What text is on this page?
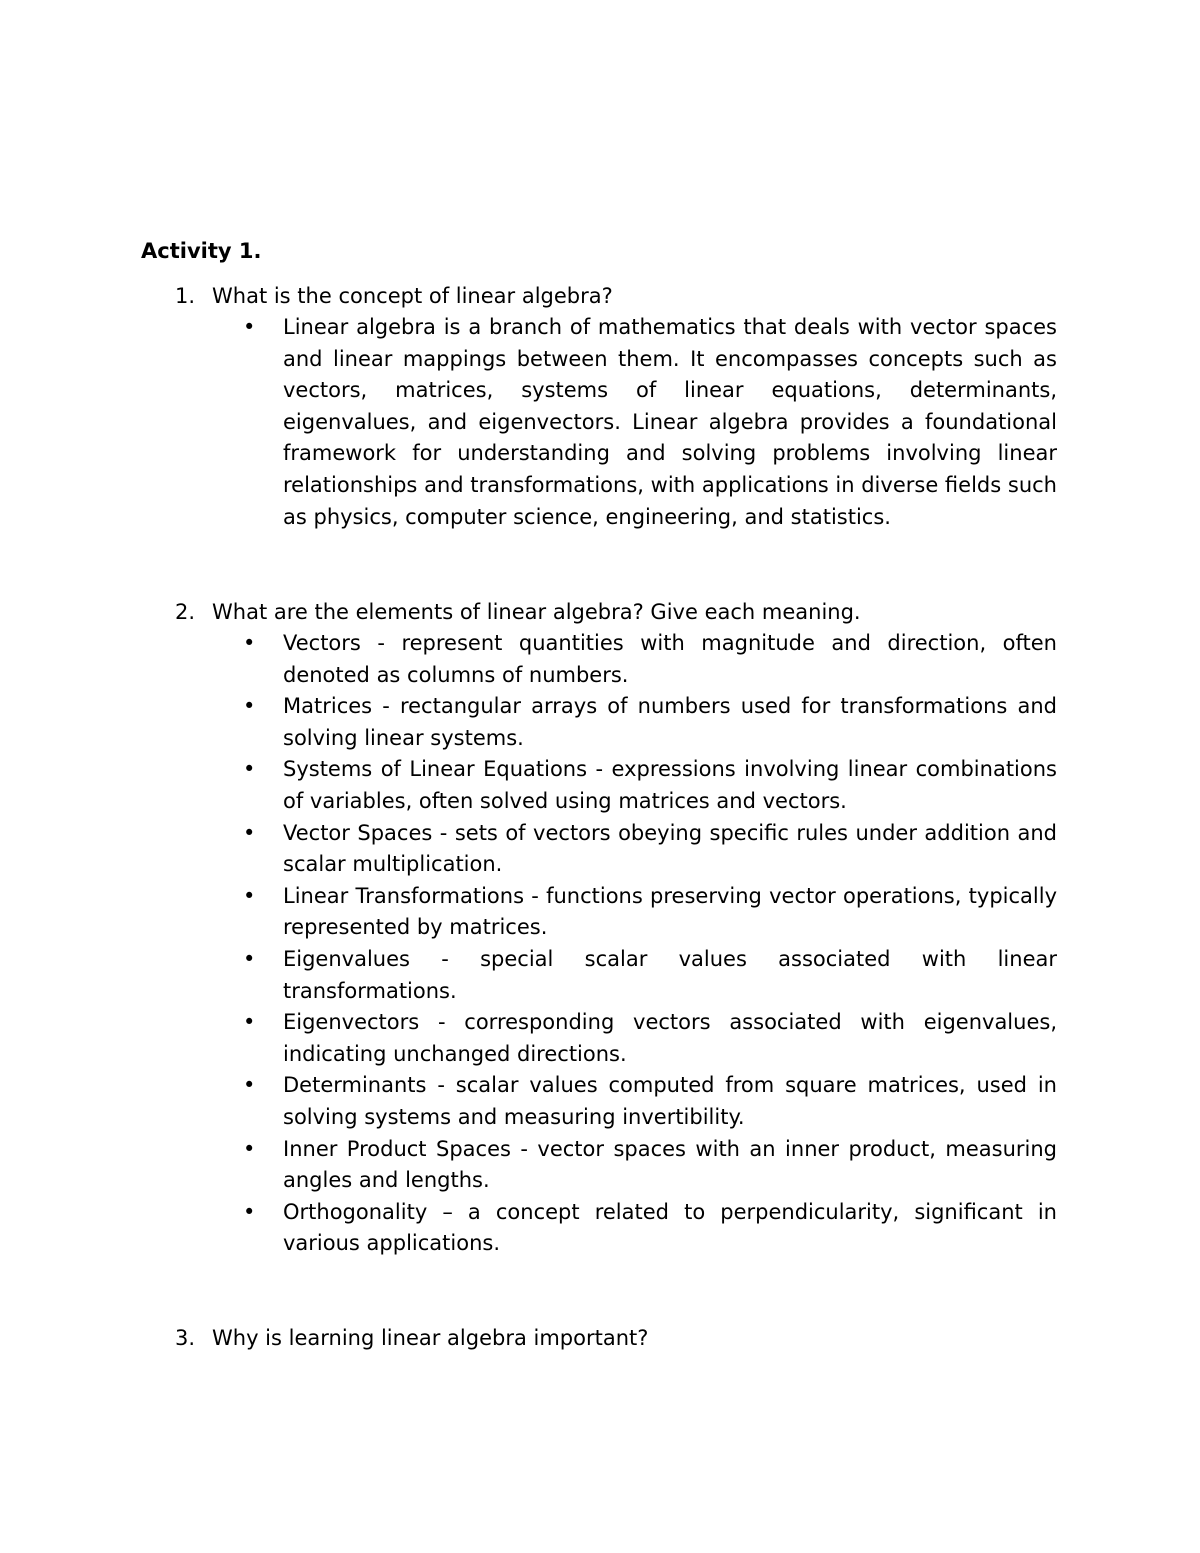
Activity 1.

1. What is the concept of linear algebra?

•	Linear algebra is a branch of mathematics that deals with vector spaces and linear mappings between them. It encompasses concepts such as vectors, matrices, systems of linear equations, determinants, eigenvalues, and eigenvectors. Linear algebra provides a foundational framework for understanding and solving problems involving linear relationships and transformations, with applications in diverse fields such as physics, computer science, engineering, and statistics.

2. What are the elements of linear algebra? Give each meaning.

•	Vectors - represent quantities with magnitude and direction, often denoted as columns of numbers.
•	Matrices - rectangular arrays of numbers used for transformations and solving linear systems.
•	Systems of Linear Equations - expressions involving linear combinations of variables, often solved using matrices and vectors.
•	Vector Spaces - sets of vectors obeying specific rules under addition and scalar multiplication.
•	Linear Transformations - functions preserving vector operations, typically represented by matrices.
•	Eigenvalues - special scalar values associated with linear transformations.
•	Eigenvectors - corresponding vectors associated with eigenvalues, indicating unchanged directions.
•	Determinants - scalar values computed from square matrices, used in solving systems and measuring invertibility.
•	Inner Product Spaces - vector spaces with an inner product, measuring angles and lengths.
•	Orthogonality – a concept related to perpendicularity, significant in various applications.

3. Why is learning linear algebra important?
